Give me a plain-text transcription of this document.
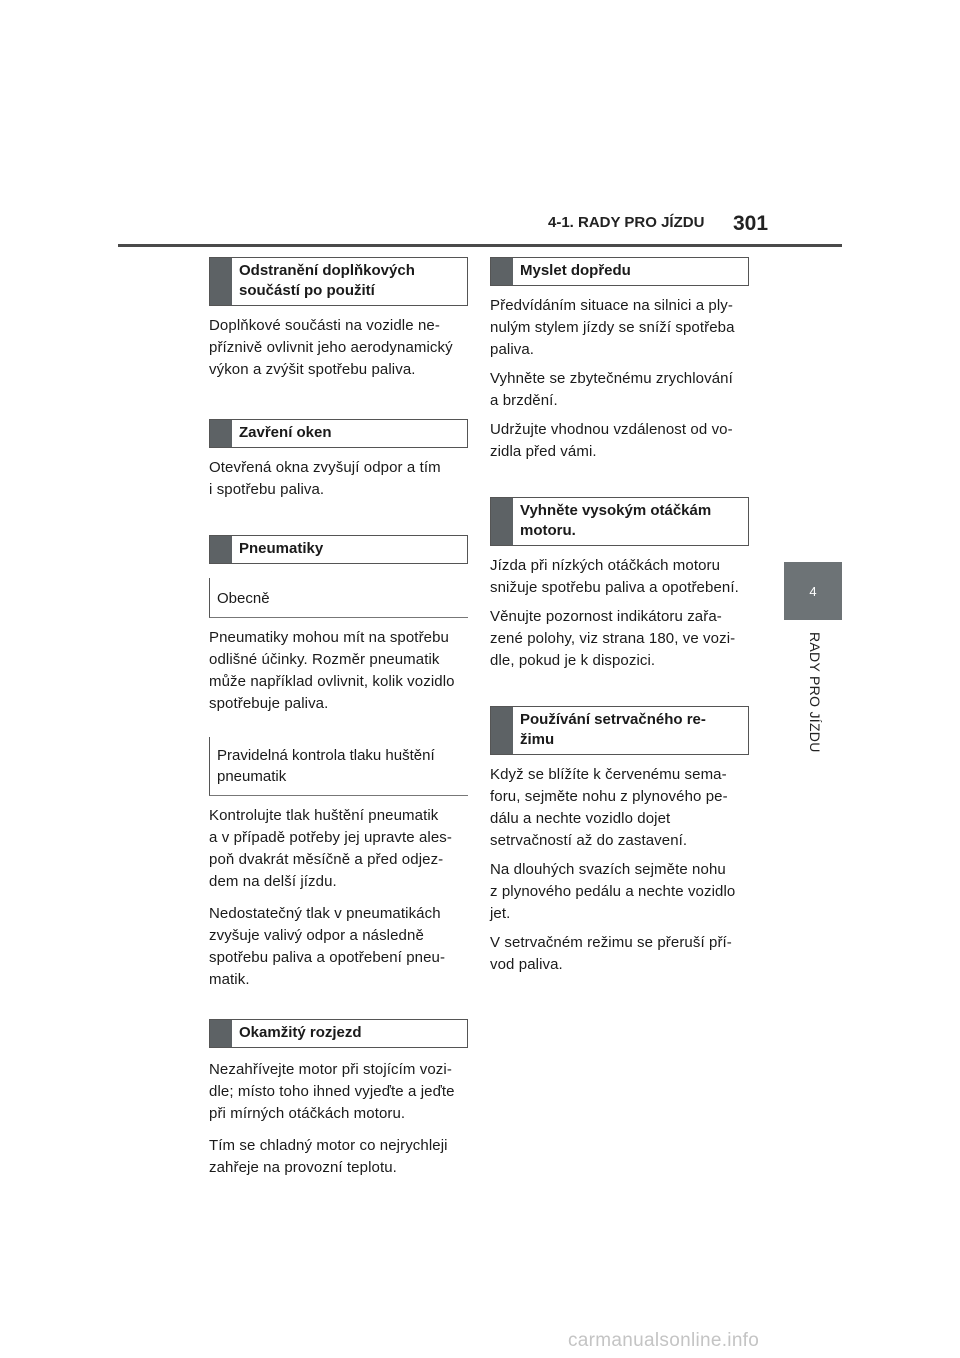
4-1. RADY PRO JÍZDU 301
4
RADY PRO JÍZDU
Odstranění doplňkových
součástí po použití

Doplňkové součásti na vozidle ne-
příznivě ovlivnit jeho aerodynamický
výkon a zvýšit spotřebu paliva.

Zavření oken

Otevřená okna zvyšují odpor a tím
i spotřebu paliva.

Pneumatiky
Obecně

Pneumatiky mohou mít na spotřebu
odlišné účinky. Rozměr pneumatik
může například ovlivnit, kolik vozidlo
spotřebuje paliva.

Pravidelná kontrola tlaku huštění
pneumatik

Kontrolujte tlak huštění pneumatik
a v případě potřeby jej upravte ales-
poň dvakrát měsíčně a před odjez-
dem na delší jízdu.

Nedostatečný tlak v pneumatikách
zvyšuje valivý odpor a následně
spotřebu paliva a opotřebení pneu-
matik.

Okamžitý rozjezd

Nezahřívejte motor při stojícím vozi-
dle; místo toho ihned vyjeďte a jeďte
při mírných otáčkách motoru.

Tím se chladný motor co nejrychleji
zahřeje na provozní teplotu.

Myslet dopředu

Předvídáním situace na silnici a ply-
nulým stylem jízdy se sníží spotřeba
paliva.

Vyhněte se zbytečnému zrychlování
a brzdění.

Udržujte vhodnou vzdálenost od vo-
zidla před vámi.

Vyhněte vysokým otáčkám
motoru.

Jízda při nízkých otáčkách motoru
snižuje spotřebu paliva a opotřebení.

Věnujte pozornost indikátoru zařa-
zené polohy, viz strana 180, ve vozi-
dle, pokud je k dispozici.

Používání setrvačného re-
žimu

Když se blížíte k červenému sema-
foru, sejměte nohu z plynového pe-
dálu a nechte vozidlo dojet
setrvačností až do zastavení.

Na dlouhých svazích sejměte nohu
z plynového pedálu a nechte vozidlo
jet.

V setrvačném režimu se přeruší pří-
vod paliva.

carmanualsonline.info
